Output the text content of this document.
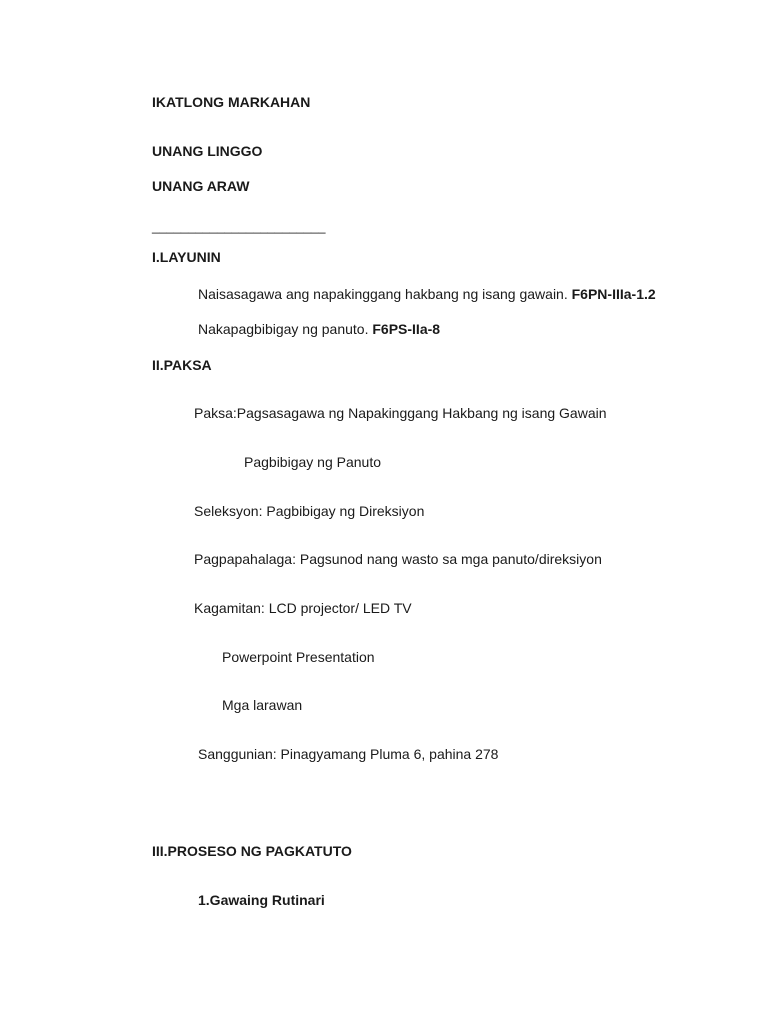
IKATLONG MARKAHAN
UNANG LINGGO
UNANG ARAW
________________________
I.LAYUNIN
Naisasagawa ang napakinggang hakbang ng isang gawain. F6PN-IIIa-1.2
Nakapagbibigay ng panuto. F6PS-IIa-8
II.PAKSA
Paksa:Pagsasagawa ng Napakinggang Hakbang ng isang Gawain
Pagbibigay ng Panuto
Seleksyon: Pagbibigay ng Direksiyon
Pagpapahalaga: Pagsunod nang wasto sa mga panuto/direksiyon
Kagamitan: LCD projector/ LED TV
Powerpoint Presentation
Mga larawan
Sanggunian: Pinagyamang Pluma 6, pahina 278
III.PROSESO NG PAGKATUTO
1.Gawaing Rutinari
